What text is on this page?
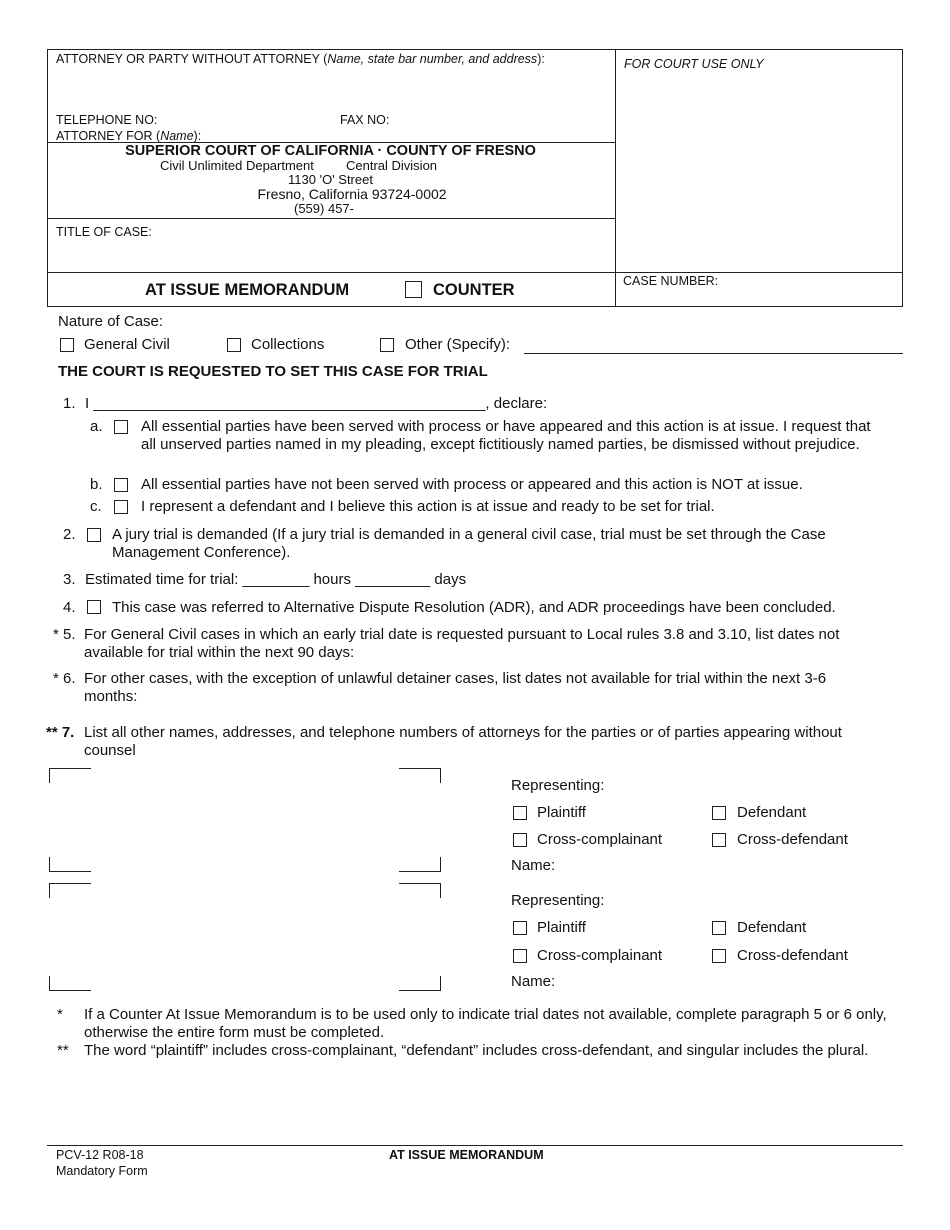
ATTORNEY OR PARTY WITHOUT ATTORNEY (Name, state bar number, and address):
TELEPHONE NO:	FAX NO:
ATTORNEY FOR (Name):
FOR COURT USE ONLY
SUPERIOR COURT OF CALIFORNIA · COUNTY OF FRESNO
Civil Unlimited Department Central Division
1130 'O' Street
Fresno, California 93724-0002
(559) 457-
TITLE OF CASE:
AT ISSUE MEMORANDUM	COUNTER	CASE NUMBER:
Nature of Case:
General Civil	Collections	Other (Specify):
THE COURT IS REQUESTED TO SET THIS CASE FOR TRIAL
1. I _______________________________________________, declare:
a.	All essential parties have been served with process or have appeared and this action is at issue. I request that all unserved parties named in my pleading, except fictitiously named parties, be dismissed without prejudice.
b.	All essential parties have not been served with process or appeared and this action is NOT at issue.
c.	I represent a defendant and I believe this action is at issue and ready to be set for trial.
2. A jury trial is demanded (If a jury trial is demanded in a general civil case, trial must be set through the Case Management Conference).
3. Estimated time for trial: ________ hours _________ days
4. This case was referred to Alternative Dispute Resolution (ADR), and ADR proceedings have been concluded.
* 5. For General Civil cases in which an early trial date is requested pursuant to Local rules 3.8 and 3.10, list dates not available for trial within the next 90 days:
* 6. For other cases, with the exception of unlawful detainer cases, list dates not available for trial within the next 3-6 months:
** 7. List all other names, addresses, and telephone numbers of attorneys for the parties or of parties appearing without counsel
Representing:
Plaintiff	Defendant
Cross-complainant	Cross-defendant
Name:
Representing:
Plaintiff	Defendant
Cross-complainant	Cross-defendant
Name:
* If a Counter At Issue Memorandum is to be used only to indicate trial dates not available, complete paragraph 5 or 6 only, otherwise the entire form must be completed.
** The word “plaintiff” includes cross-complainant, “defendant” includes cross-defendant, and singular includes the plural.
PCV-12 R08-18
Mandatory Form
AT ISSUE MEMORANDUM
